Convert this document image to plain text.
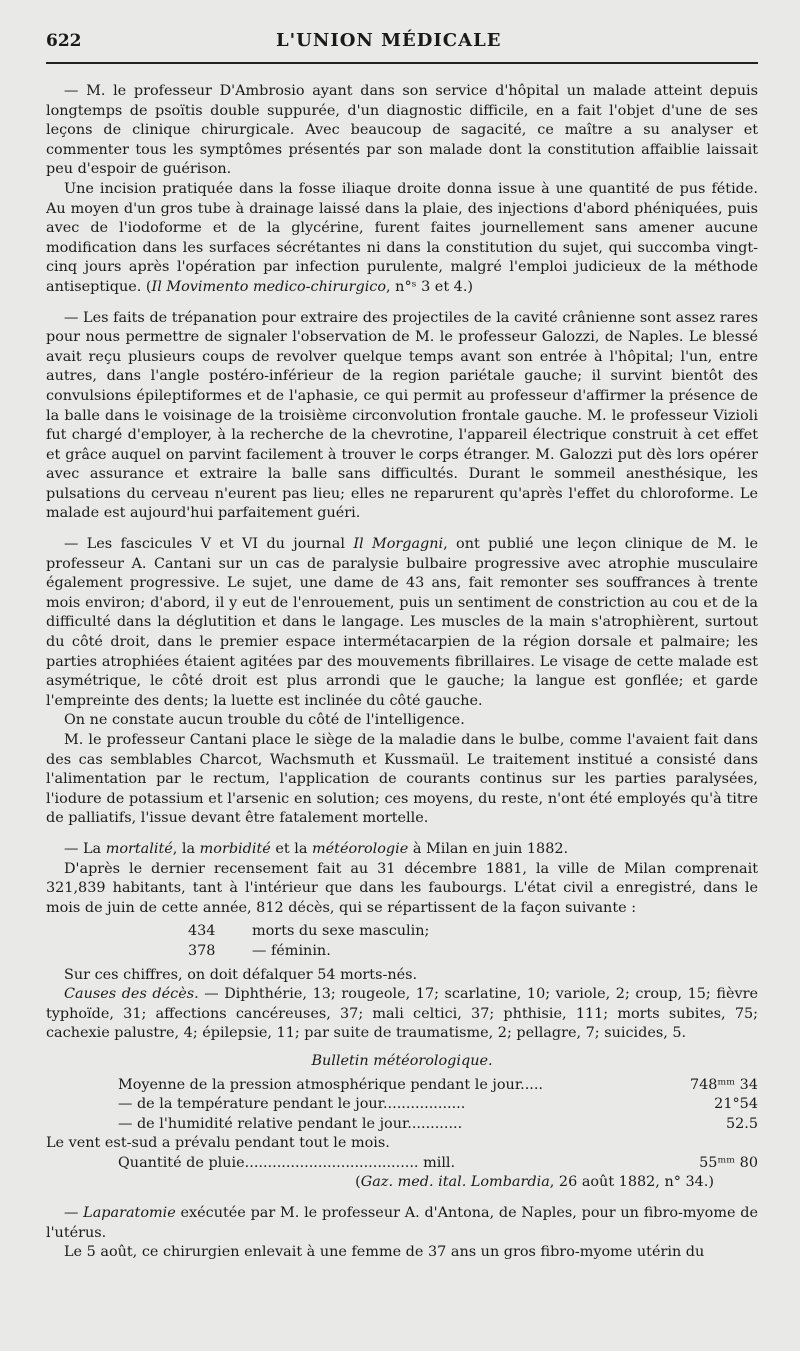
622	L'UNION MÉDICALE

— M. le professeur D'Ambrosio ayant dans son service d'hôpital un malade atteint depuis longtemps de psoïtis double suppurée, d'un diagnostic difficile, en a fait l'objet d'une de ses leçons de clinique chirurgicale. Avec beaucoup de sagacité, ce maître a su analyser et commenter tous les symptômes présentés par son malade dont la constitution affaiblie laissait peu d'espoir de guérison.

Une incision pratiquée dans la fosse iliaque droite donna issue à une quantité de pus fétide. Au moyen d'un gros tube à drainage laissé dans la plaie, des injections d'abord phéniquées, puis avec de l'iodoforme et de la glycérine, furent faites journellement sans amener aucune modification dans les surfaces sécrétantes ni dans la constitution du sujet, qui succomba vingt-cinq jours après l'opération par infection purulente, malgré l'emploi judicieux de la méthode antiseptique. (Il Movimento medico-chirurgico, n°ˢ 3 et 4.)

— Les faits de trépanation pour extraire des projectiles de la cavité crânienne sont assez rares pour nous permettre de signaler l'observation de M. le professeur Galozzi, de Naples. Le blessé avait reçu plusieurs coups de revolver quelque temps avant son entrée à l'hôpital; l'un, entre autres, dans l'angle postéro-inférieur de la region pariétale gauche; il survint bientôt des convulsions épileptiformes et de l'aphasie, ce qui permit au professeur d'affirmer la présence de la balle dans le voisinage de la troisième circonvolution frontale gauche. M. le professeur Vizioli fut chargé d'employer, à la recherche de la chevrotine, l'appareil électrique construit à cet effet et grâce auquel on parvint facilement à trouver le corps étranger. M. Galozzi put dès lors opérer avec assurance et extraire la balle sans difficultés. Durant le sommeil anesthésique, les pulsations du cerveau n'eurent pas lieu; elles ne reparurent qu'après l'effet du chloroforme. Le malade est aujourd'hui parfaitement guéri.

— Les fascicules V et VI du journal Il Morgagni, ont publié une leçon clinique de M. le professeur A. Cantani sur un cas de paralysie bulbaire progressive avec atrophie musculaire également progressive. Le sujet, une dame de 43 ans, fait remonter ses souffrances à trente mois environ; d'abord, il y eut de l'enrouement, puis un sentiment de constriction au cou et de la difficulté dans la déglutition et dans le langage. Les muscles de la main s'atrophièrent, surtout du côté droit, dans le premier espace intermétacarpien de la région dorsale et palmaire; les parties atrophiées étaient agitées par des mouvements fibrillaires. Le visage de cette malade est asymétrique, le côté droit est plus arrondi que le gauche; la langue est gonflée; et garde l'empreinte des dents; la luette est inclinée du côté gauche.

On ne constate aucun trouble du côté de l'intelligence.

M. le professeur Cantani place le siège de la maladie dans le bulbe, comme l'avaient fait dans des cas semblables Charcot, Wachsmuth et Kussmaül. Le traitement institué a consisté dans l'alimentation par le rectum, l'application de courants continus sur les parties paralysées, l'iodure de potassium et l'arsenic en solution; ces moyens, du reste, n'ont été employés qu'à titre de palliatifs, l'issue devant être fatalement mortelle.

— La mortalité, la morbidité et la météorologie à Milan en juin 1882.

D'après le dernier recensement fait au 31 décembre 1881, la ville de Milan comprenait 321,839 habitants, tant à l'intérieur que dans les faubourgs. L'état civil a enregistré, dans le mois de juin de cette année, 812 décès, qui se répartissent de la façon suivante :

434	morts du sexe masculin;
378	— féminin.

Sur ces chiffres, on doit défalquer 54 morts-nés.

Causes des décès. — Diphthérie, 13; rougeole, 17; scarlatine, 10; variole, 2; croup, 15; fièvre typhoïde, 31; affections cancéreuses, 37; mali celtici, 37; phthisie, 111; morts subites, 75; cachexie palustre, 4; épilepsie, 11; par suite de traumatisme, 2; pellagre, 7; suicides, 5.

Bulletin météorologique.
Moyenne de la pression atmosphérique pendant le jour.....	748ᵐᵐ 34
— de la température pendant le jour..................	21°54
— de l'humidité relative pendant le jour............	52.5

Le vent est-sud a prévalu pendant tout le mois.

Quantité de pluie...................................... mill.	55ᵐᵐ 80
(Gaz. med. ital. Lombardia, 26 août 1882, n° 34.)

— Laparatomie exécutée par M. le professeur A. d'Antona, de Naples, pour un fibro-myome de l'utérus.

Le 5 août, ce chirurgien enlevait à une femme de 37 ans un gros fibro-myome utérin du
